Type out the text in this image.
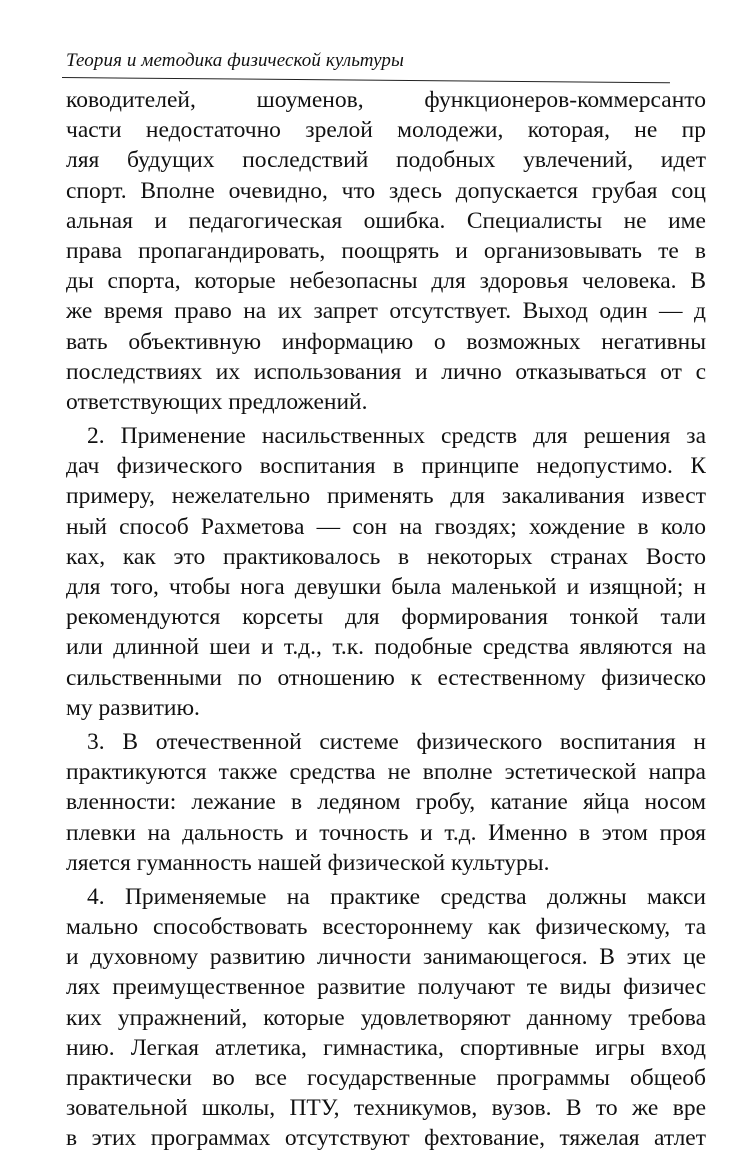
Теория и методика физической культуры
ководителей, шоуменов, функционеров-коммерсанто
части недостаточно зрелой молодежи, которая, не пр
ляя будущих последствий подобных увлечений, идет
спорт. Вполне очевидно, что здесь допускается грубая соц
альная и педагогическая ошибка. Специалисты не име
права пропагандировать, поощрять и организовывать те в
ды спорта, которые небезопасны для здоровья человека. В
же время право на их запрет отсутствует. Выход один — д
вать объективную информацию о возможных негативны
последствиях их использования и лично отказываться от с
ответствующих предложений.
2. Применение насильственных средств для решения за
дач физического воспитания в принципе недопустимо. К
примеру, нежелательно применять для закаливания извест
ный способ Рахметова — сон на гвоздях; хождение в коло
ках, как это практиковалось в некоторых странах Восто
для того, чтобы нога девушки была маленькой и изящной; н
рекомендуются корсеты для формирования тонкой тали
или длинной шеи и т.д., т.к. подобные средства являются на
сильственными по отношению к естественному физическо
му развитию.
3. В отечественной системе физического воспитания н
практикуются также средства не вполне эстетической напра
вленности: лежание в ледяном гробу, катание яйца носом
плевки на дальность и точность и т.д. Именно в этом проя
ляется гуманность нашей физической культуры.
4. Применяемые на практике средства должны макси
мально способствовать всестороннему как физическому, та
и духовному развитию личности занимающегося. В этих це
лях преимущественное развитие получают те виды физичес
ких упражнений, которые удовлетворяют данному требова
нию. Легкая атлетика, гимнастика, спортивные игры вход
практически во все государственные программы общеоб
зовательной школы, ПТУ, техникумов, вузов. В то же вре
в этих программах отсутствуют фехтование, тяжелая атлет
